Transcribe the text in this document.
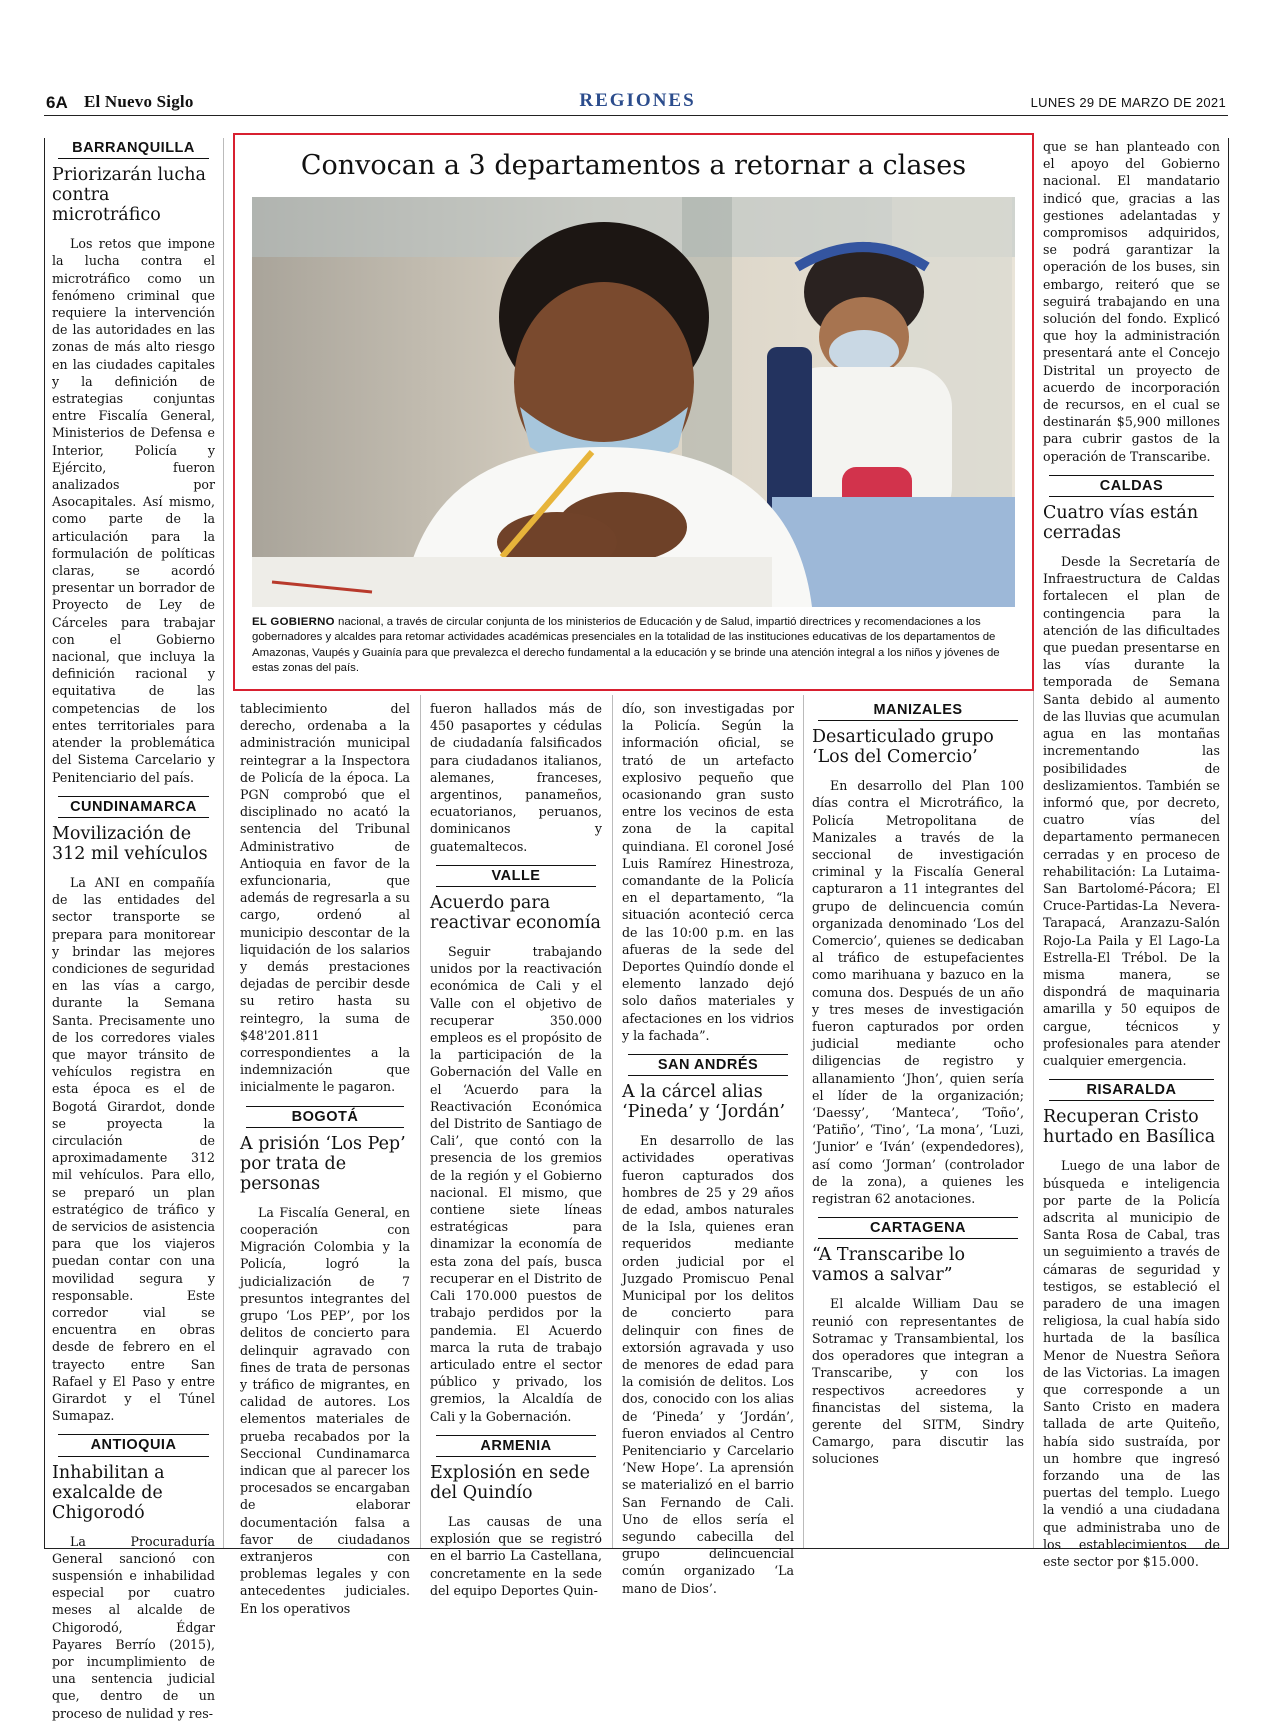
6A El Nuevo Siglo	REGIONES	LUNES 29 DE MARZO DE 2021
Convocan a 3 departamentos a retornar a clases
EL GOBIERNO nacional, a través de circular conjunta de los ministerios de Educación y de Salud, impartió directrices y recomendaciones a los gobernadores y alcaldes para retomar actividades académicas presenciales en la totalidad de las instituciones educativas de los departamentos de Amazonas, Vaupés y Guainía para que prevalezca el derecho fundamental a la educación y se brinde una atención integral a los niños y jóvenes de estas zonas del país.
BARRANQUILLA
Priorizarán lucha contra microtráfico

Los retos que impone la lucha contra el microtráfico como un fenómeno criminal que requiere la intervención de las autoridades en las zonas de más alto riesgo en las ciudades capitales y la definición de estrategias conjuntas entre Fiscalía General, Ministerios de Defensa e Interior, Policía y Ejército, fueron analizados por Asocapitales. Así mismo, como parte de la articulación para la formulación de políticas claras, se acordó presentar un borrador de Proyecto de Ley de Cárceles para trabajar con el Gobierno nacional, que incluya la definición racional y equitativa de las competencias de los entes territoriales para atender la problemática del Sistema Carcelario y Penitenciario del país.

CUNDINAMARCA
Movilización de 312 mil vehículos

La ANI en compañía de las entidades del sector transporte se prepara para monitorear y brindar las mejores condiciones de seguridad en las vías a cargo, durante la Semana Santa. Precisamente uno de los corredores viales que mayor tránsito de vehículos registra en esta época es el de Bogotá Girardot, donde se proyecta la circulación de aproximadamente 312 mil vehículos. Para ello, se preparó un plan estratégico de tráfico y de servicios de asistencia para que los viajeros puedan contar con una movilidad segura y responsable. Este corredor vial se encuentra en obras desde de febrero en el trayecto entre San Rafael y El Paso y entre Girardot y el Túnel Sumapaz.

ANTIOQUIA
Inhabilitan a exalcalde de Chigorodó

La Procuraduría General sancionó con suspensión e inhabilidad especial por cuatro meses al alcalde de Chigorodó, Édgar Payares Berrío (2015), por incumplimiento de una sentencia judicial que, dentro de un proceso de nulidad y res-

tablecimiento del derecho, ordenaba a la administración municipal reintegrar a la Inspectora de Policía de la época. La PGN comprobó que el disciplinado no acató la sentencia del Tribunal Administrativo de Antioquia en favor de la exfuncionaria, que además de regresarla a su cargo, ordenó al municipio descontar de la liquidación de los salarios y demás prestaciones dejadas de percibir desde su retiro hasta su reintegro, la suma de $48'201.811 correspondientes a la indemnización que inicialmente le pagaron.

BOGOTÁ
A prisión ‘Los Pep’ por trata de personas

La Fiscalía General, en cooperación con Migración Colombia y la Policía, logró la judicialización de 7 presuntos integrantes del grupo ‘Los PEP’, por los delitos de concierto para delinquir agravado con fines de trata de personas y tráfico de migrantes, en calidad de autores. Los elementos materiales de prueba recabados por la Seccional Cundinamarca indican que al parecer los procesados se encargaban de elaborar documentación falsa a favor de ciudadanos extranjeros con problemas legales y con antecedentes judiciales. En los operativos

fueron hallados más de 450 pasaportes y cédulas de ciudadanía falsificados para ciudadanos italianos, alemanes, franceses, argentinos, panameños, ecuatorianos, peruanos, dominicanos y guatemaltecos.

VALLE
Acuerdo para reactivar economía

Seguir trabajando unidos por la reactivación económica de Cali y el Valle con el objetivo de recuperar 350.000 empleos es el propósito de la participación de la Gobernación del Valle en el ‘Acuerdo para la Reactivación Económica del Distrito de Santiago de Cali’, que contó con la presencia de los gremios de la región y el Gobierno nacional. El mismo, que contiene siete líneas estratégicas para dinamizar la economía de esta zona del país, busca recuperar en el Distrito de Cali 170.000 puestos de trabajo perdidos por la pandemia. El Acuerdo marca la ruta de trabajo articulado entre el sector público y privado, los gremios, la Alcaldía de Cali y la Gobernación.

ARMENIA
Explosión en sede del Quindío

Las causas de una explosión que se registró en el barrio La Castellana, concretamente en la sede del equipo Deportes Quin-

dío, son investigadas por la Policía. Según la información oficial, se trató de un artefacto explosivo pequeño que ocasionando gran susto entre los vecinos de esta zona de la capital quindiana. El coronel José Luis Ramírez Hinestroza, comandante de la Policía en el departamento, “la situación aconteció cerca de las 10:00 p.m. en las afueras de la sede del Deportes Quindío donde el elemento lanzado dejó solo daños materiales y afectaciones en los vidrios y la fachada”.

SAN ANDRÉS
A la cárcel alias ‘Pineda’ y ‘Jordán’

En desarrollo de las actividades operativas fueron capturados dos hombres de 25 y 29 años de edad, ambos naturales de la Isla, quienes eran requeridos mediante orden judicial por el Juzgado Promiscuo Penal Municipal por los delitos de concierto para delinquir con fines de extorsión agravada y uso de menores de edad para la comisión de delitos. Los dos, conocido con los alias de ‘Pineda’ y ‘Jordán’, fueron enviados al Centro Penitenciario y Carcelario ‘New Hope’. La aprensión se materializó en el barrio San Fernando de Cali. Uno de ellos sería el segundo cabecilla del grupo delincuencial común organizado ‘La mano de Dios’.

MANIZALES
Desarticulado grupo ‘Los del Comercio’

En desarrollo del Plan 100 días contra el Microtráfico, la Policía Metropolitana de Manizales a través de la seccional de investigación criminal y la Fiscalía General capturaron a 11 integrantes del grupo de delincuencia común organizada denominado ‘Los del Comercio’, quienes se dedicaban al tráfico de estupefacientes como marihuana y bazuco en la comuna dos. Después de un año y tres meses de investigación fueron capturados por orden judicial mediante ocho diligencias de registro y allanamiento ‘Jhon’, quien sería el líder de la organización; ‘Daessy’, ‘Manteca’, ‘Toño’, ‘Patiño’, ‘Tino’, ‘La mona’, ‘Luzi, ‘Junior’ e ‘Iván’ (expendedores), así como ‘Jorman’ (controlador de la zona), a quienes les registran 62 anotaciones.

CARTAGENA
“A Transcaribe lo vamos a salvar”

El alcalde William Dau se reunió con representantes de Sotramac y Transambiental, los dos operadores que integran a Transcaribe, y con los respectivos acreedores y financistas del sistema, la gerente del SITM, Sindry Camargo, para discutir las soluciones

que se han planteado con el apoyo del Gobierno nacional. El mandatario indicó que, gracias a las gestiones adelantadas y compromisos adquiridos, se podrá garantizar la operación de los buses, sin embargo, reiteró que se seguirá trabajando en una solución del fondo. Explicó que hoy la administración presentará ante el Concejo Distrital un proyecto de acuerdo de incorporación de recursos, en el cual se destinarán $5,900 millones para cubrir gastos de la operación de Transcaribe.

CALDAS
Cuatro vías están cerradas

Desde la Secretaría de Infraestructura de Caldas fortalecen el plan de contingencia para la atención de las dificultades que puedan presentarse en las vías durante la temporada de Semana Santa debido al aumento de las lluvias que acumulan agua en las montañas incrementando las posibilidades de deslizamientos. También se informó que, por decreto, cuatro vías del departamento permanecen cerradas y en proceso de rehabilitación: La Lutaima-San Bartolomé-Pácora; El Cruce-Partidas-La Nevera-Tarapacá, Aranzazu-Salón Rojo-La Paila y El Lago-La Estrella-El Trébol. De la misma manera, se dispondrá de maquinaria amarilla y 50 equipos de cargue, técnicos y profesionales para atender cualquier emergencia.

RISARALDA
Recuperan Cristo hurtado en Basílica

Luego de una labor de búsqueda e inteligencia por parte de la Policía adscrita al municipio de Santa Rosa de Cabal, tras un seguimiento a través de cámaras de seguridad y testigos, se estableció el paradero de una imagen religiosa, la cual había sido hurtada de la basílica Menor de Nuestra Señora de las Victorias. La imagen que corresponde a un Santo Cristo en madera tallada de arte Quiteño, había sido sustraída, por un hombre que ingresó forzando una de las puertas del templo. Luego la vendió a una ciudadana que administraba uno de los establecimientos de este sector por $15.000.
